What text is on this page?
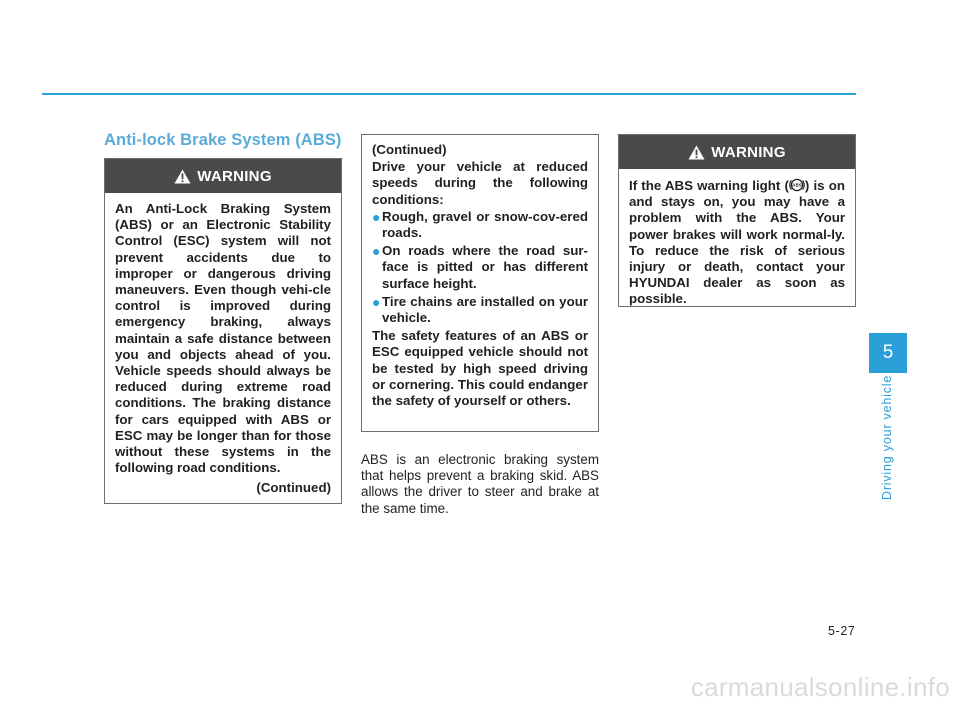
Anti-lock Brake System (ABS)
WARNING

An Anti-Lock Braking System (ABS) or an Electronic Stability Control (ESC) system will not prevent accidents due to improper or dangerous driving maneuvers. Even though vehi-cle control is improved during emergency braking, always maintain a safe distance between you and objects ahead of you. Vehicle speeds should always be reduced during extreme road conditions. The braking distance for cars equipped with ABS or ESC may be longer than for those without these systems in the following road conditions.

(Continued)

(Continued)

Drive your vehicle at reduced speeds during the following conditions:

● Rough, gravel or snow-cov-ered roads.
● On roads where the road sur-face is pitted or has different surface height.
● Tire chains are installed on your vehicle.

The safety features of an ABS or ESC equipped vehicle should not be tested by high speed driving or cornering. This could endanger the safety of yourself or others.

ABS is an electronic braking system that helps prevent a braking skid. ABS allows the driver to steer and brake at the same time.

WARNING

If the ABS warning light ( ABS ) is on and stays on, you may have a problem with the ABS. Your power brakes will work normal-ly. To reduce the risk of serious injury or death, contact your HYUNDAI dealer as soon as possible.

5
Driving your vehicle
5-27
carmanualsonline.info
